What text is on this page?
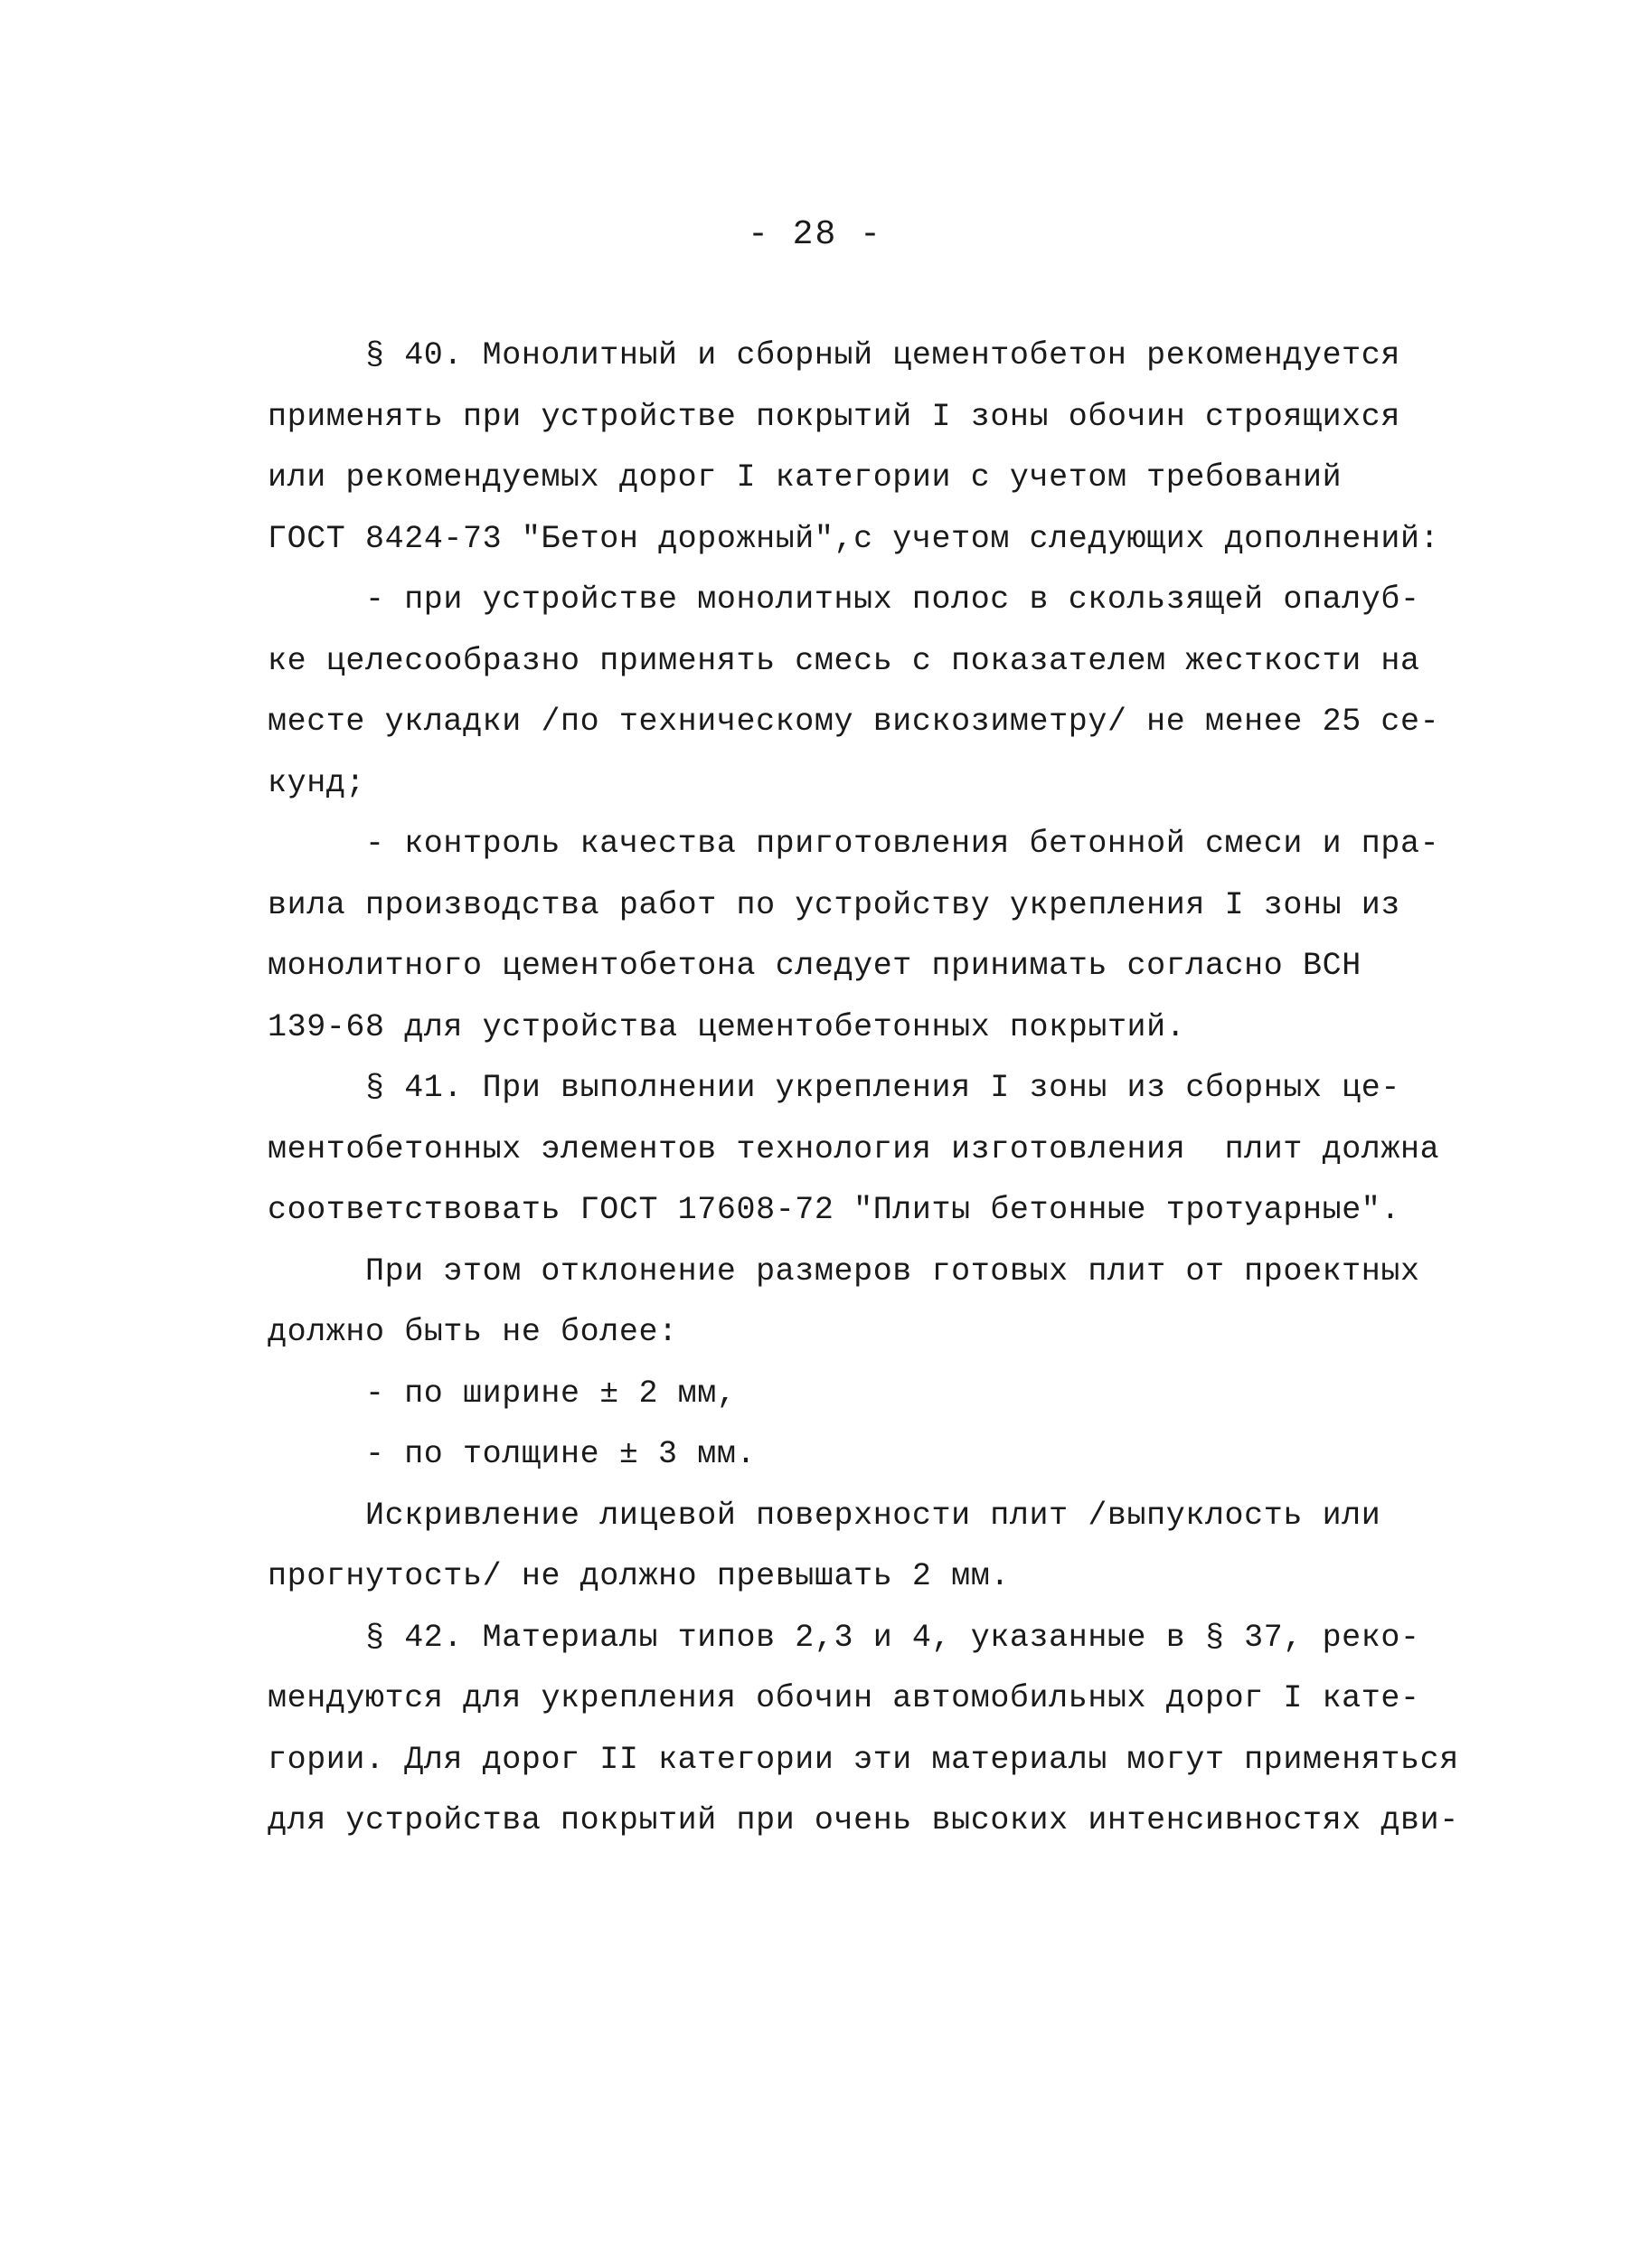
- 28 -
§ 40. Монолитный и сборный цементобетон рекомендуется
применять при устройстве покрытий I зоны обочин строящихся
или рекомендуемых дорог I категории с учетом требований
ГОСТ 8424-73 "Бетон дорожный",с учетом следующих дополнений:
- при устройстве монолитных полос в скользящей опалуб-
ке целесообразно применять смесь с показателем жесткости на
месте укладки /по техническому вискозиметру/ не менее 25 се-
кунд;
- контроль качества приготовления бетонной смеси и пра-
вила производства работ по устройству укрепления I зоны из
монолитного цементобетона следует принимать согласно ВСН
139-68 для устройства цементобетонных покрытий.
§ 41. При выполнении укрепления I зоны из сборных це-
ментобетонных элементов технология изготовления  плит должна
соответствовать ГОСТ 17608-72 "Плиты бетонные тротуарные".
При этом отклонение размеров готовых плит от проектных
должно быть не более:
- по ширине ± 2 мм,
- по толщине ± 3 мм.
Искривление лицевой поверхности плит /выпуклость или
прогнутость/ не должно превышать 2 мм.
§ 42. Материалы типов 2,3 и 4, указанные в § 37, реко-
мендуются для укрепления обочин автомобильных дорог I кате-
гории. Для дорог II категории эти материалы могут применяться
для устройства покрытий при очень высоких интенсивностях дви-
